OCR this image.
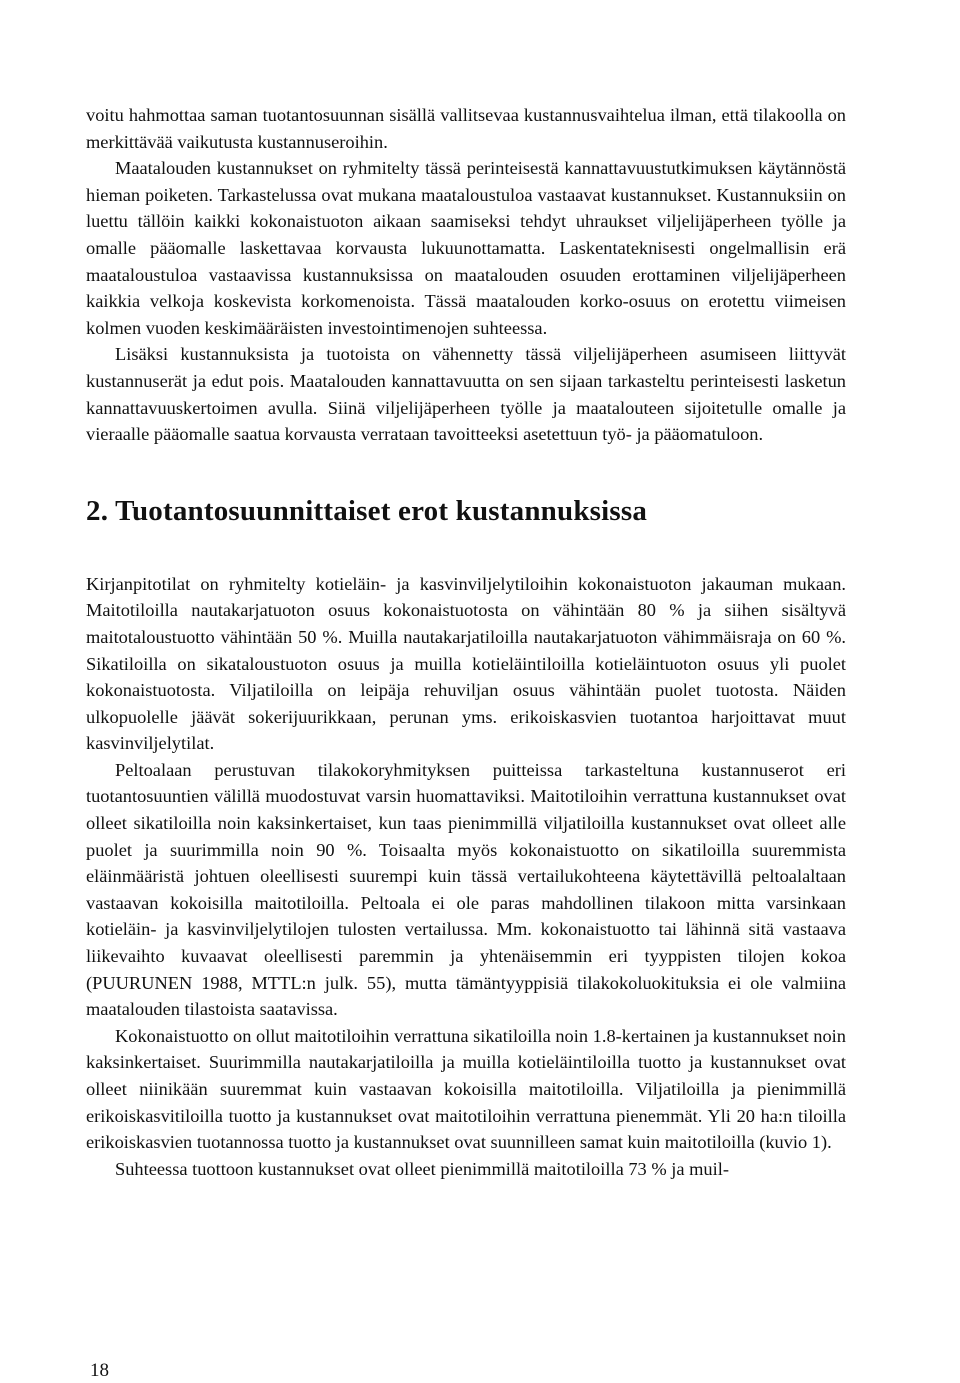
voitu hahmottaa saman tuotantosuunnan sisällä vallitsevaa kustannusvaihtelua ilman, että tilakoolla on merkittävää vaikutusta kustannuseroihin.

Maatalouden kustannukset on ryhmitelty tässä perinteisestä kannattavuustutkimuksen käytännöstä hieman poiketen. Tarkastelussa ovat mukana maataloustuloa vastaavat kustannukset. Kustannuksiin on luettu tällöin kaikki kokonaistuoton aikaan saamiseksi tehdyt uhraukset viljelijäperheen työlle ja omalle pääomalle laskettavaa korvausta lukuunottamatta. Laskentateknisesti ongelmallisin erä maataloustuloa vastaavissa kustannuksissa on maatalouden osuuden erottaminen viljelijäperheen kaikkia velkoja koskevista korkomenoista. Tässä maatalouden korko-osuus on erotettu viimeisen kolmen vuoden keskimääräisten investointimenojen suhteessa.

Lisäksi kustannuksista ja tuotoista on vähennetty tässä viljelijäperheen asumiseen liittyvät kustannuserät ja edut pois. Maatalouden kannattavuutta on sen sijaan tarkasteltu perinteisesti lasketun kannattavuuskertoimen avulla. Siinä viljelijäperheen työlle ja maatalouteen sijoitetulle omalle ja vieraalle pääomalle saatua korvausta verrataan tavoitteeksi asetettuun työ- ja pääomatuloon.

2. Tuotantosuunnittaiset erot kustannuksissa

Kirjanpitotilat on ryhmitelty kotieläin- ja kasvinviljelytiloihin kokonaistuoton jakauman mukaan. Maitotiloilla nautakarjatuoton osuus kokonaistuotosta on vähintään 80 % ja siihen sisältyvä maitotaloustuotto vähintään 50 %. Muilla nautakarjatiloilla nautakarjatuoton vähimmäisraja on 60 %. Sikatiloilla on sikataloustuoton osuus ja muilla kotieläintiloilla kotieläintuoton osuus yli puolet kokonaistuotosta. Viljatiloilla on leipäja rehuviljan osuus vähintään puolet tuotosta. Näiden ulkopuolelle jäävät sokerijuurikkaan, perunan yms. erikoiskasvien tuotantoa harjoittavat muut kasvinviljelytilat.

Peltoalaan perustuvan tilakokoryhmityksen puitteissa tarkasteltuna kustannuserot eri tuotantosuuntien välillä muodostuvat varsin huomattaviksi. Maitotiloihin verrattuna kustannukset ovat olleet sikatiloilla noin kaksinkertaiset, kun taas pienimmillä viljatiloilla kustannukset ovat olleet alle puolet ja suurimmilla noin 90 %. Toisaalta myös kokonaistuotto on sikatiloilla suuremmista eläinmääristä johtuen oleellisesti suurempi kuin tässä vertailukohteena käytettävillä peltoalaltaan vastaavan kokoisilla maitotiloilla. Peltoala ei ole paras mahdollinen tilakoon mitta varsinkaan kotieläin- ja kasvinviljelytilojen tulosten vertailussa. Mm. kokonaistuotto tai lähinnä sitä vastaava liikevaihto kuvaavat oleellisesti paremmin ja yhtenäisemmin eri tyyppisten tilojen kokoa (PUURUNEN 1988, MTTL:n julk. 55), mutta tämäntyyppisiä tilakokoluokituksia ei ole valmiina maatalouden tilastoista saatavissa.

Kokonaistuotto on ollut maitotiloihin verrattuna sikatiloilla noin 1.8-kertainen ja kustannukset noin kaksinkertaiset. Suurimmilla nautakarjatiloilla ja muilla kotieläintiloilla tuotto ja kustannukset ovat olleet niinikään suuremmat kuin vastaavan kokoisilla maitotiloilla. Viljatiloilla ja pienimmillä erikoiskasvitiloilla tuotto ja kustannukset ovat maitotiloihin verrattuna pienemmät. Yli 20 ha:n tiloilla erikoiskasvien tuotannossa tuotto ja kustannukset ovat suunnilleen samat kuin maitotiloilla (kuvio 1).

Suhteessa tuottoon kustannukset ovat olleet pienimmillä maitotiloilla 73 % ja muil-

18
